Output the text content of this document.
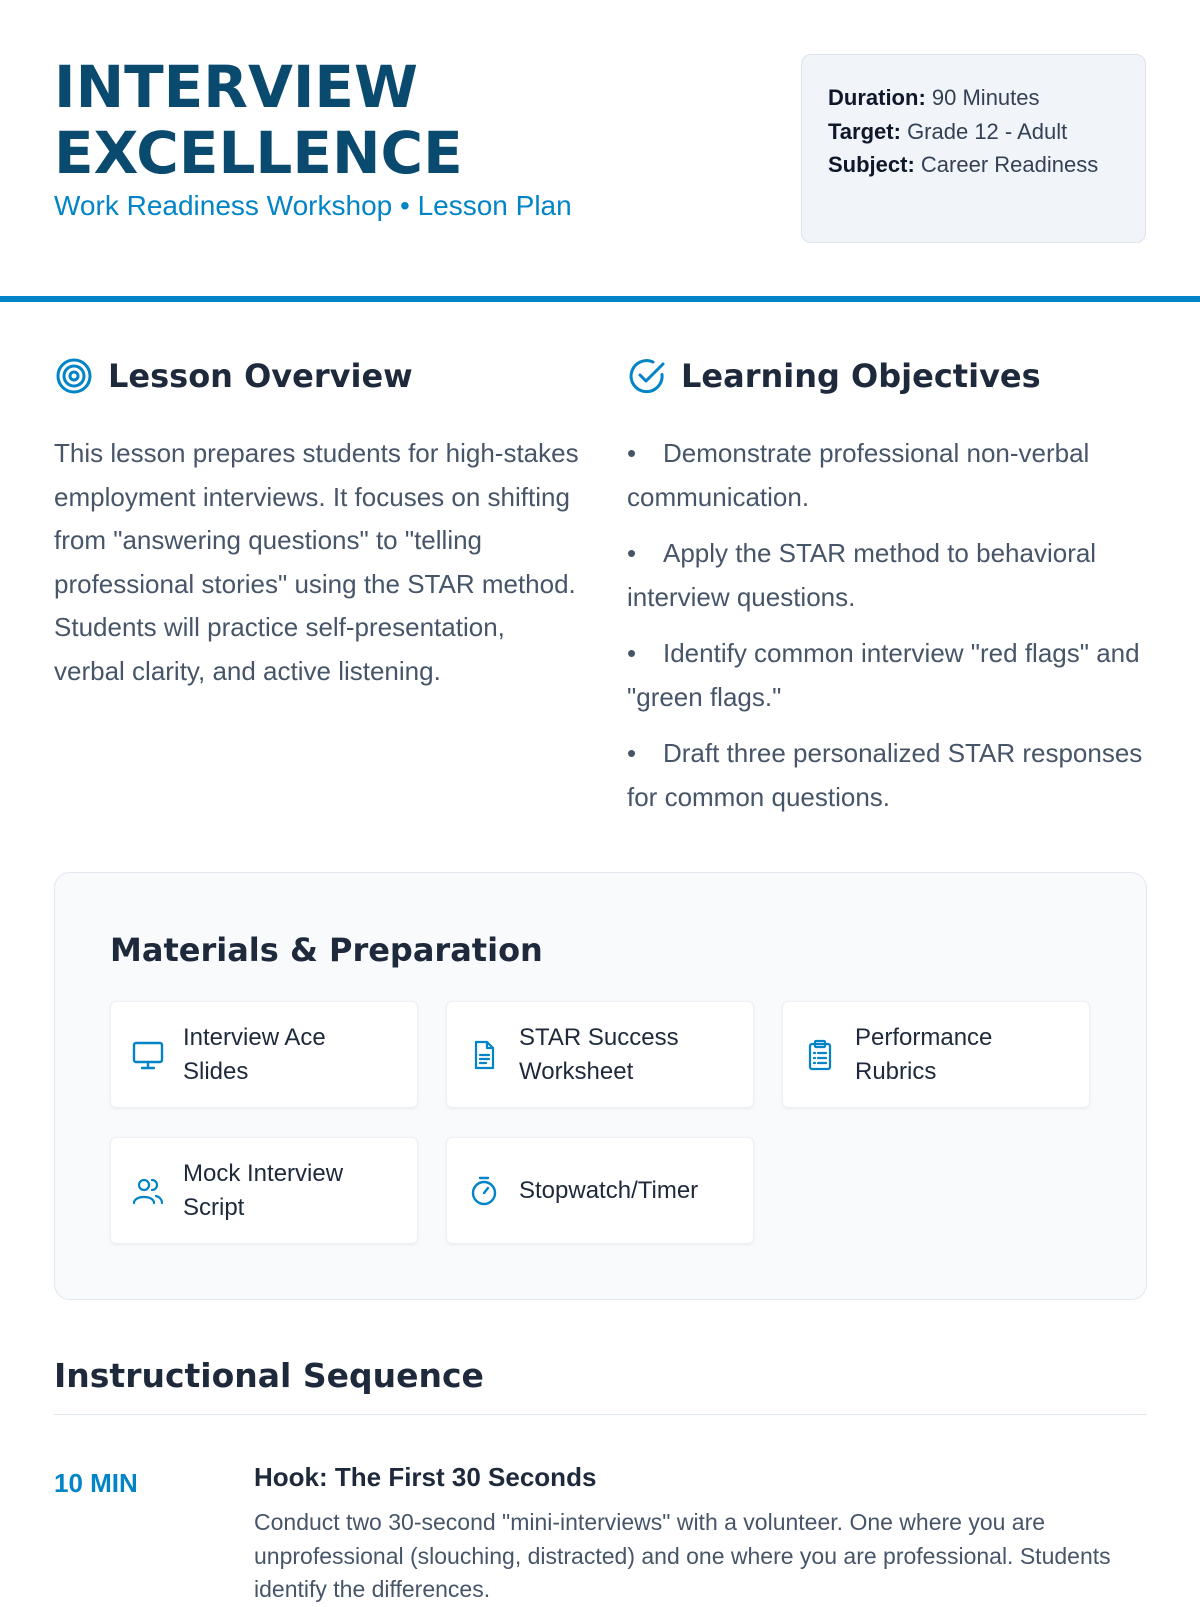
INTERVIEW EXCELLENCE
Work Readiness Workshop • Lesson Plan
Duration: 90 Minutes
Target: Grade 12 - Adult
Subject: Career Readiness
Lesson Overview
This lesson prepares students for high-stakes employment interviews. It focuses on shifting from "answering questions" to "telling professional stories" using the STAR method. Students will practice self-presentation, verbal clarity, and active listening.
Learning Objectives
• Demonstrate professional non-verbal communication.
• Apply the STAR method to behavioral interview questions.
• Identify common interview "red flags" and "green flags."
• Draft three personalized STAR responses for common questions.
Materials & Preparation
Interview Ace Slides
STAR Success Worksheet
Performance Rubrics
Mock Interview Script
Stopwatch/Timer
Instructional Sequence
10 MIN	Hook: The First 30 Seconds
Conduct two 30-second "mini-interviews" with a volunteer. One where you are unprofessional (slouching, distracted) and one where you are professional. Students identify the differences.
